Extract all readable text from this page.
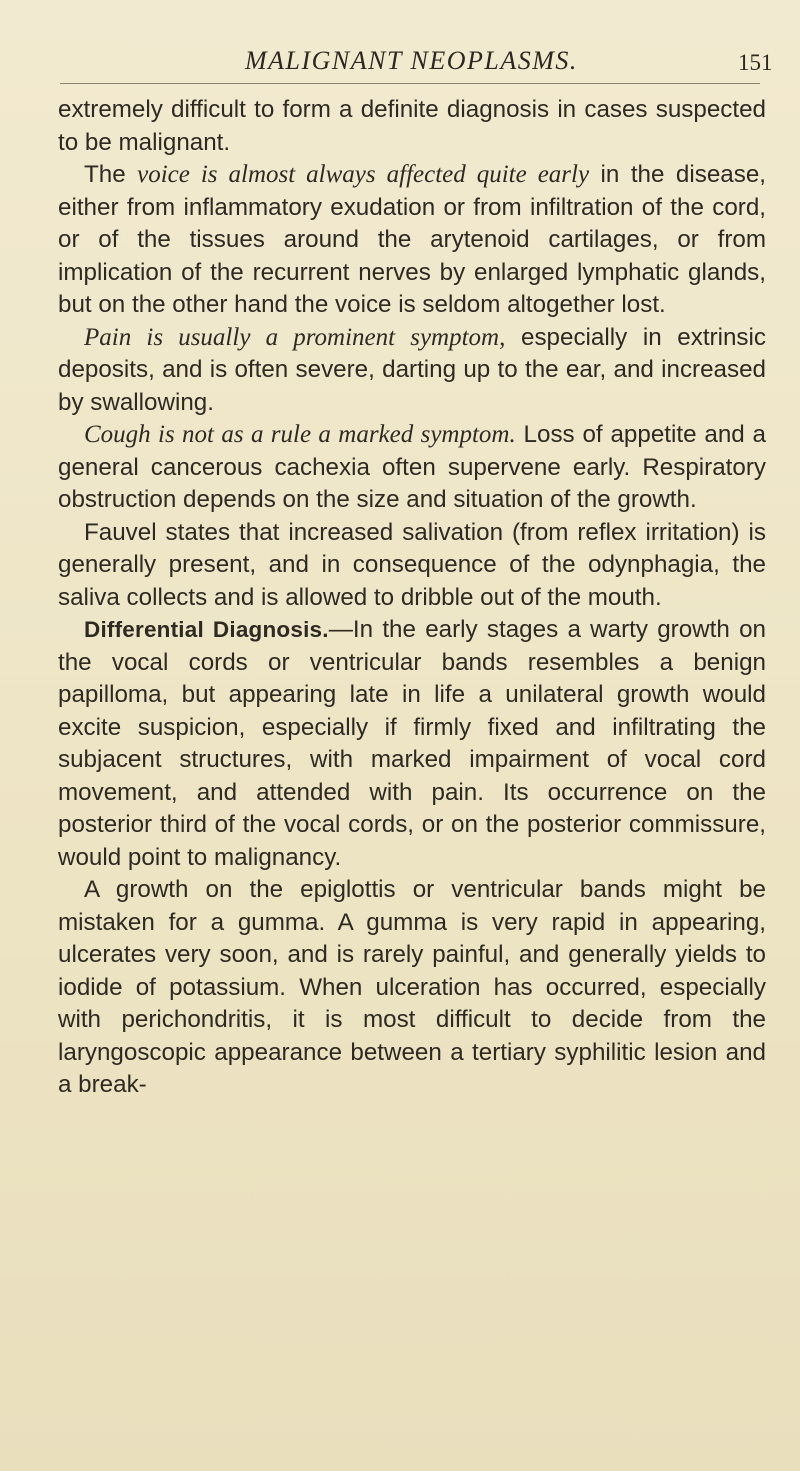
MALIGNANT NEOPLASMS.	151

extremely difficult to form a definite diagnosis in cases suspected to be malignant.

The voice is almost always affected quite early in the disease, either from inflammatory exudation or from infiltration of the cord, or of the tissues around the arytenoid cartilages, or from implication of the recurrent nerves by enlarged lymphatic glands, but on the other hand the voice is seldom altogether lost.

Pain is usually a prominent symptom, especially in extrinsic deposits, and is often severe, darting up to the ear, and increased by swallowing.

Cough is not as a rule a marked symptom. Loss of appetite and a general cancerous cachexia often supervene early. Respiratory obstruction depends on the size and situation of the growth.

Fauvel states that increased salivation (from reflex irritation) is generally present, and in consequence of the odynphagia, the saliva collects and is allowed to dribble out of the mouth.

Differential Diagnosis.—In the early stages a warty growth on the vocal cords or ventricular bands resembles a benign papilloma, but appearing late in life a unilateral growth would excite suspicion, especially if firmly fixed and infiltrating the subjacent structures, with marked impairment of vocal cord movement, and attended with pain. Its occurrence on the posterior third of the vocal cords, or on the posterior commissure, would point to malignancy.

A growth on the epiglottis or ventricular bands might be mistaken for a gumma. A gumma is very rapid in appearing, ulcerates very soon, and is rarely painful, and generally yields to iodide of potassium. When ulceration has occurred, especially with perichondritis, it is most difficult to decide from the laryngoscopic appearance between a tertiary syphilitic lesion and a break-
